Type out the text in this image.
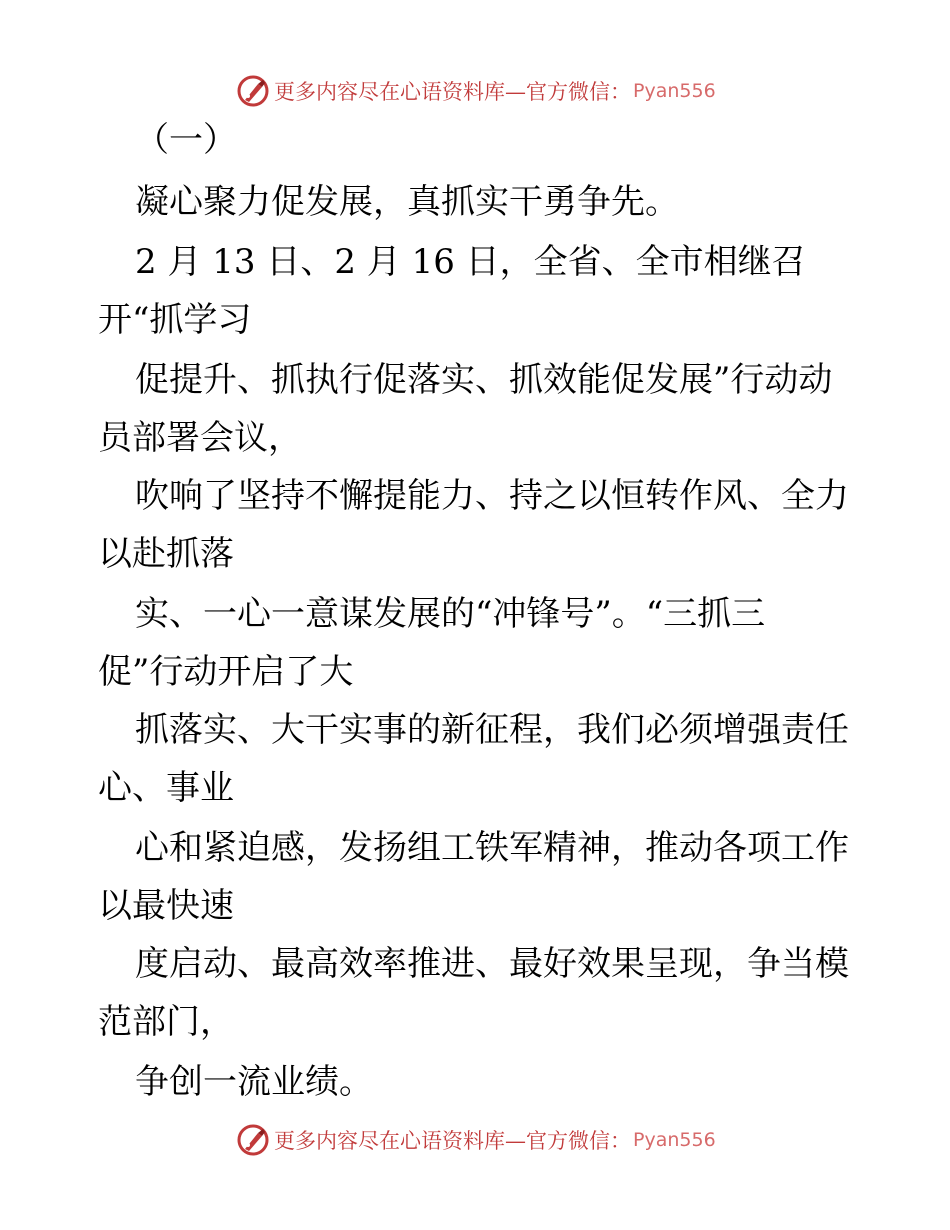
更多内容尽在心语资料库—官方微信： Pyan556
（一）
凝心聚力促发展，真抓实干勇争先。
2 月 13 日、2 月 16 日，全省、全市相继召
开“抓学习
促提升、抓执行促落实、抓效能促发展”行动动
员部署会议，
吹响了坚持不懈提能力、持之以恒转作风、全力
以赴抓落
实、一心一意谋发展的“冲锋号”。“三抓三
促”行动开启了大
抓落实、大干实事的新征程，我们必须增强责任
心、事业
心和紧迫感，发扬组工铁军精神，推动各项工作
以最快速
度启动、最高效率推进、最好效果呈现，争当模
范部门，
争创一流业绩。
更多内容尽在心语资料库—官方微信： Pyan556
